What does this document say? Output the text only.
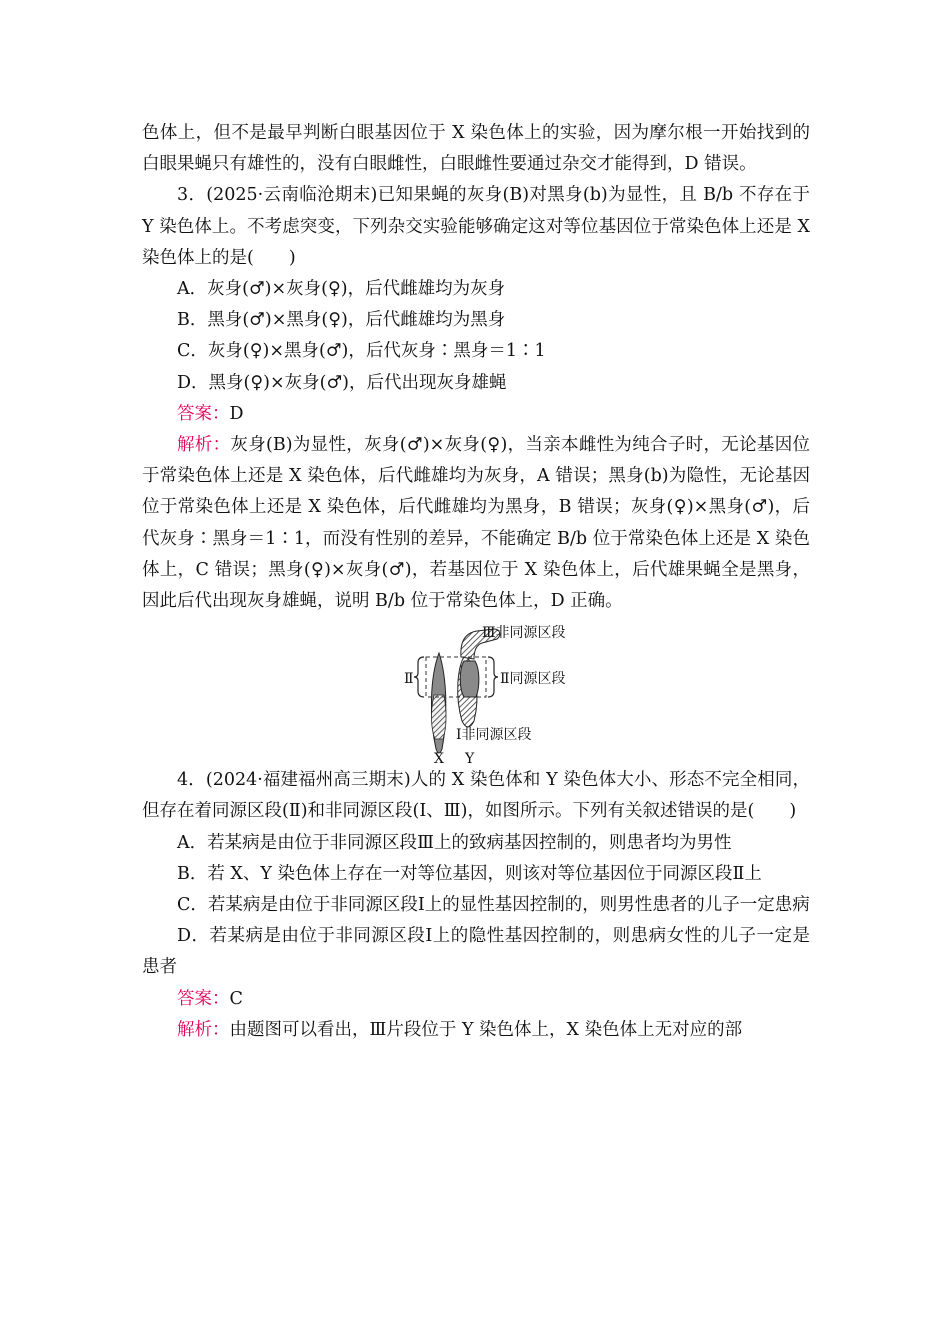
色体上，但不是最早判断白眼基因位于 X 染色体上的实验，因为摩尔根一开始找到的白眼果蝇只有雄性的，没有白眼雌性，白眼雌性要通过杂交才能得到，D 错误。

3．(2025·云南临沧期末)已知果蝇的灰身(B)对黑身(b)为显性，且 B/b 不存在于 Y 染色体上。不考虑突变，下列杂交实验能够确定这对等位基因位于常染色体上还是 X 染色体上的是(　　)

A．灰身(♂)×灰身(♀)，后代雌雄均为灰身

B．黑身(♂)×黑身(♀)，后代雌雄均为黑身

C．灰身(♀)×黑身(♂)，后代灰身∶黑身＝1∶1

D．黑身(♀)×灰身(♂)，后代出现灰身雄蝇

答案：D

解析：灰身(B)为显性，灰身(♂)×灰身(♀)，当亲本雌性为纯合子时，无论基因位于常染色体上还是 X 染色体，后代雌雄均为灰身，A 错误；黑身(b)为隐性，无论基因位于常染色体上还是 X 染色体，后代雌雄均为黑身，B 错误；灰身(♀)×黑身(♂)，后代灰身∶黑身＝1∶1，而没有性别的差异，不能确定 B/b 位于常染色体上还是 X 染色体上，C 错误；黑身(♀)×灰身(♂)，若基因位于 X 染色体上，后代雄果蝇全是黑身，因此后代出现灰身雄蝇，说明 B/b 位于常染色体上，D 正确。

Ⅲ非同源区段
Ⅱ	Ⅱ同源区段
Ⅰ非同源区段
X Y

4．(2024·福建福州高三期末)人的 X 染色体和 Y 染色体大小、形态不完全相同，但存在着同源区段(Ⅱ)和非同源区段(Ⅰ、Ⅲ)，如图所示。下列有关叙述错误的是(　　)

A．若某病是由位于非同源区段Ⅲ上的致病基因控制的，则患者均为男性

B．若 X、Y 染色体上存在一对等位基因，则该对等位基因位于同源区段Ⅱ上

C．若某病是由位于非同源区段Ⅰ上的显性基因控制的，则男性患者的儿子一定患病

D．若某病是由位于非同源区段Ⅰ上的隐性基因控制的，则患病女性的儿子一定是患者

答案：C

解析：由题图可以看出，Ⅲ片段位于 Y 染色体上，X 染色体上无对应的部
